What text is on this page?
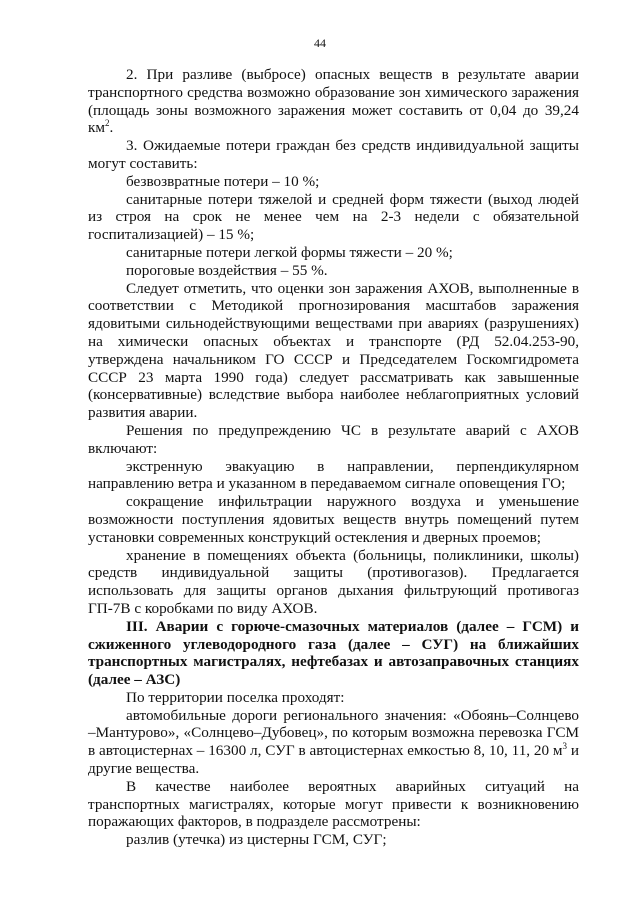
44

2. При разливе (выбросе) опасных веществ в результате аварии транспортного средства возможно образование зон химического заражения (площадь зоны возможного заражения может составить от 0,04 до 39,24 $км^2$.

3. Ожидаемые потери граждан без средств индивидуальной защиты могут составить:

безвозвратные потери – 10 %;

санитарные потери тяжелой и средней форм тяжести (выход людей из строя на срок не менее чем на 2-3 недели с обязательной госпитализацией) – 15 %;

санитарные потери легкой формы тяжести – 20 %;

пороговые воздействия – 55 %.

Следует отметить, что оценки зон заражения АХОВ, выполненные в соответствии с Методикой прогнозирования масштабов заражения ядовитыми сильнодействующими веществами при авариях (разрушениях) на химически опасных объектах и транспорте (РД 52.04.253-90, утверждена начальником ГО СССР и Председателем Госкомгидромета СССР 23 марта 1990 года) следует рассматривать как завышенные (консервативные) вследствие выбора наиболее неблагоприятных условий развития аварии.

Решения по предупреждению ЧС в результате аварий с АХОВ включают:

экстренную эвакуацию в направлении, перпендикулярном направлению ветра и указанном в передаваемом сигнале оповещения ГО;

сокращение инфильтрации наружного воздуха и уменьшение возможности поступления ядовитых веществ внутрь помещений путем установки современных конструкций остекления и дверных проемов;

хранение в помещениях объекта (больницы, поликлиники, школы) средств индивидуальной защиты (противогазов). Предлагается использовать для защиты органов дыхания фильтрующий противогаз ГП-7В с коробками по виду АХОВ.

III. Аварии с горюче-смазочных материалов (далее – ГСМ) и сжиженного углеводородного газа (далее – СУГ) на ближайших транспортных магистралях, нефтебазах и автозаправочных станциях (далее – АЗС)

По территории поселка проходят:

автомобильные дороги регионального значения: «Обоянь–Солнцево –Мантурово», «Солнцево–Дубовец», по которым возможна перевозка ГСМ в автоцистернах – 16300 л, СУГ в автоцистернах емкостью 8, 10, 11, 20 $м^3$ и другие вещества.

В качестве наиболее вероятных аварийных ситуаций на транспортных магистралях, которые могут привести к возникновению поражающих факторов, в подразделе рассмотрены:

разлив (утечка) из цистерны ГСМ, СУГ;
